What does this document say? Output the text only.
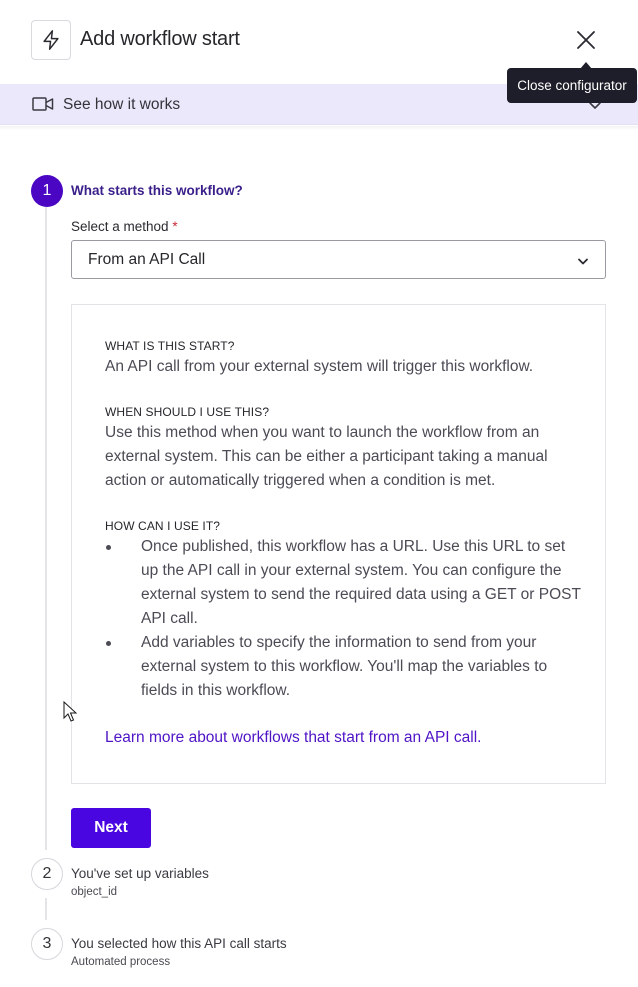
Add workflow start
See how it works
Close configurator
1	What starts this workflow?
Select a method *
From an API Call
WHAT IS THIS START?
An API call from your external system will trigger this workflow.
WHEN SHOULD I USE THIS?
Use this method when you want to launch the workflow from an external system. This can be either a participant taking a manual action or automatically triggered when a condition is met.
HOW CAN I USE IT?
Once published, this workflow has a URL. Use this URL to set up the API call in your external system. You can configure the external system to send the required data using a GET or POST API call.
Add variables to specify the information to send from your external system to this workflow. You'll map the variables to fields in this workflow.
Learn more about workflows that start from an API call.
Next
2	You've set up variables
object_id
3	You selected how this API call starts
Automated process
